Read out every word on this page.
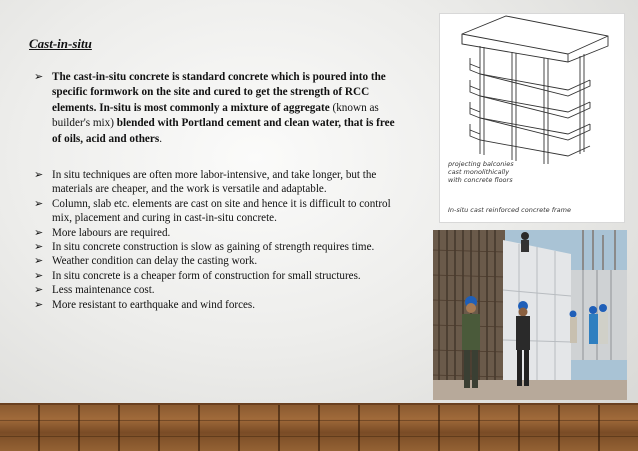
Cast-in-situ
➢ The cast-in-situ concrete is standard concrete which is poured into the specific formwork on the site and cured to get the strength of RCC elements. In-situ is most commonly a mixture of aggregate (known as builder's mix) blended with Portland cement and clean water, that is free of oils, acid and others.
➢ In situ techniques are often more labor-intensive, and take longer, but the materials are cheaper, and the work is versatile and adaptable.
➢ Column, slab etc. elements are cast on site and hence it is difficult to control mix, placement and curing in cast-in-situ concrete.
➢ More labours are required.
➢ In situ concrete construction is slow as gaining of strength requires time.
➢ Weather condition can delay the casting work.
➢ In situ concrete is a cheaper form of construction for small structures.
➢ Less maintenance cost.
➢ More resistant to earthquake and wind forces.
projecting balconies
cast monolithically
with concrete floors
In-situ cast reinforced concrete frame
